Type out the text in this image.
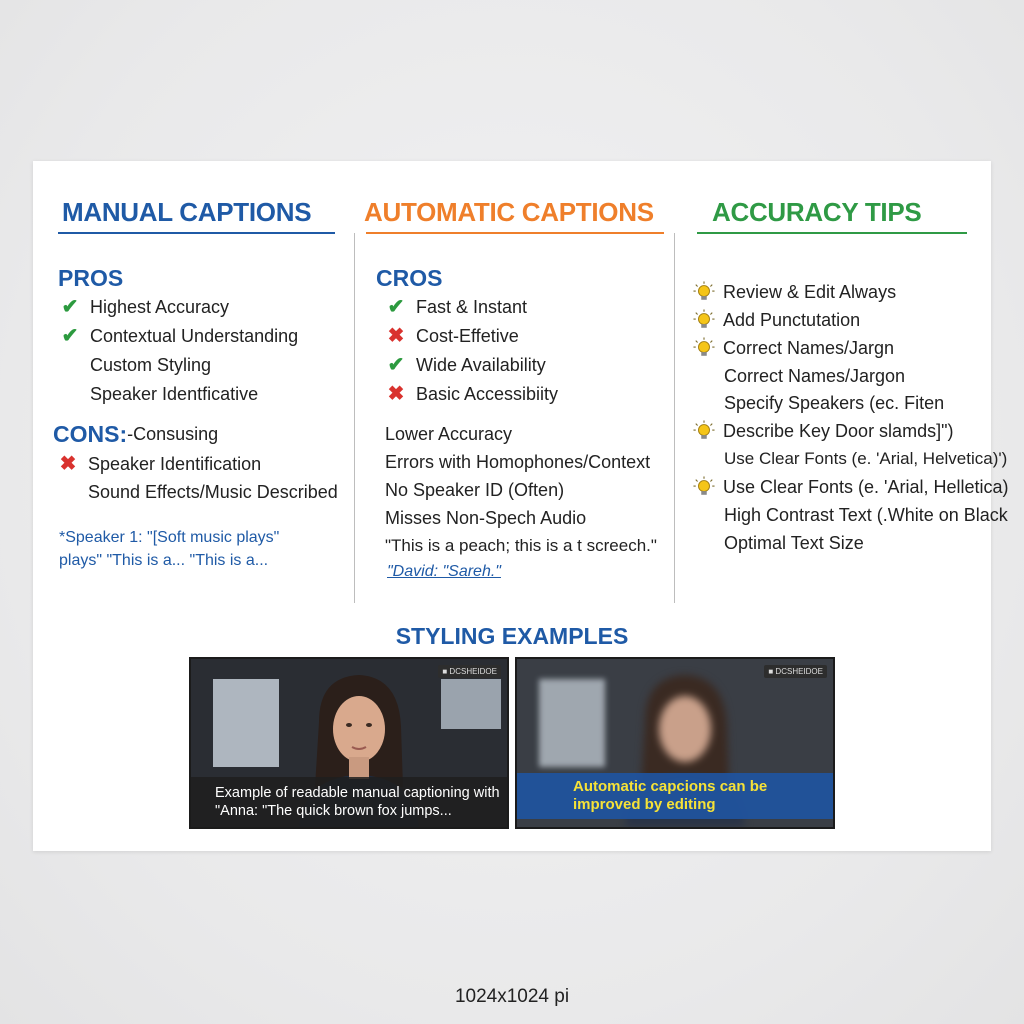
MANUAL CAPTIONS AUTOMATIC CAPTIONS ACCURACY TIPS
PROS
✔ Highest Accuracy
✔ Contextual Understanding
Custom Styling
Speaker Identficative
CONS: -Consusing
✖ Speaker Identification
Sound Effects/Music Described
*Speaker 1: "[Soft music plays"
plays" "This is a... "This is a...
CROS
✔ Fast & Instant
✖ Cost-Effetive
✔ Wide Availability
✖ Basic Accessibiity
Lower Accuracy
Errors with Homophones/Context
No Speaker ID (Often)
Misses Non-Spech Audio
"This is a peach; this is a t screech."
"David: "Sareh."
Review & Edit Always
Add Punctutation
Correct Names/Jargn
Correct Names/Jargon
Specify Speakers (ec. Fiten
Describe Key Door slamds]")
Use Clear Fonts (e. 'Arial, Helvetica)')
Use Clear Fonts (e. 'Arial, Helletica)
High Contrast Text (.White on Black
Optimal Text Size
STYLING EXAMPLES
■ DCSHEIDOE
Example of readable manual captioning with
"Anna: "The quick brown fox jumps...
■ DCSHEIDOE
Automatic capcions can be
improved by editing
1024x1024 pi
